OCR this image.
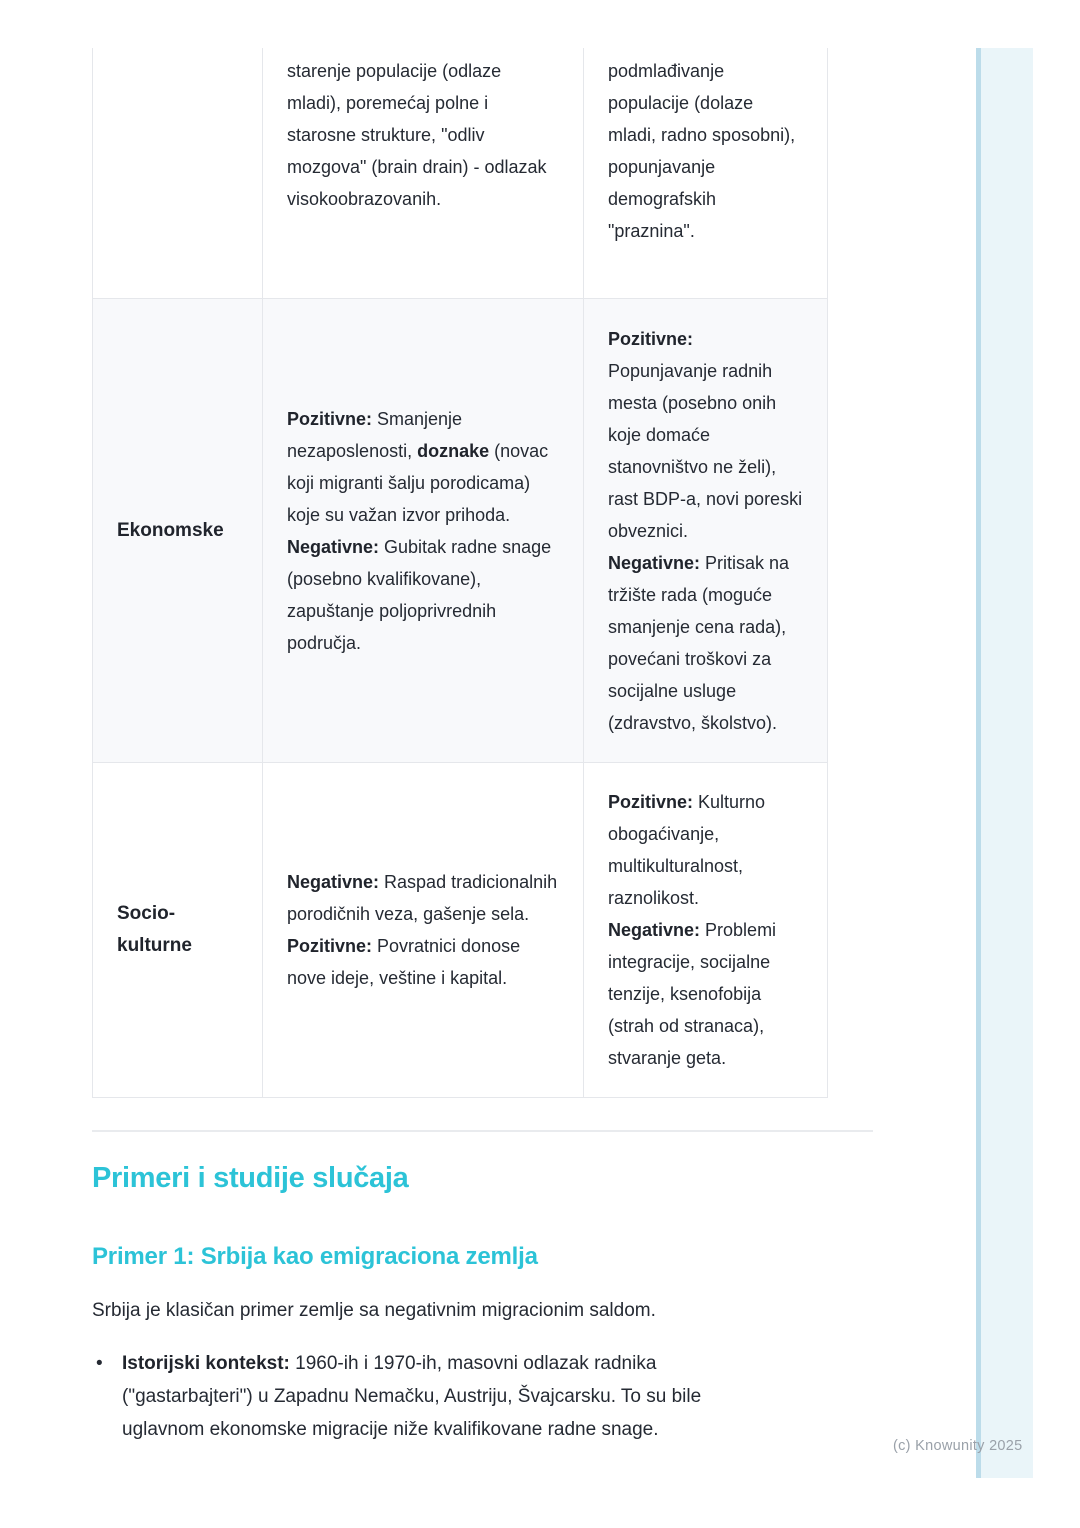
starenje populacije (odlaze mladi), poremećaj polne i starosne strukture, "odliv mozgova" (brain drain) - odlazak visokoobrazovanih.
podmlađivanje populacije (dolaze mladi, radno sposobni), popunjavanje demografskih "praznina".
Ekonomske
Pozitivne: Smanjenje nezaposlenosti, doznake (novac koji migranti šalju porodicama) koje su važan izvor prihoda.
Negativne: Gubitak radne snage (posebno kvalifikovane), zapuštanje poljoprivrednih područja.
Pozitivne: Popunjavanje radnih mesta (posebno onih koje domaće stanovništvo ne želi), rast BDP-a, novi poreski obveznici.
Negativne: Pritisak na tržište rada (moguće smanjenje cena rada), povećani troškovi za socijalne usluge (zdravstvo, školstvo).
Socio-kulturne
Negativne: Raspad tradicionalnih porodičnih veza, gašenje sela.
Pozitivne: Povratnici donose nove ideje, veštine i kapital.
Pozitivne: Kulturno obogaćivanje, multikulturalnost, raznolikost.
Negativne: Problemi integracije, socijalne tenzije, ksenofobija (strah od stranaca), stvaranje geta.
Primeri i studije slučaja
Primer 1: Srbija kao emigraciona zemlja
Srbija je klasičan primer zemlje sa negativnim migracionim saldom.
•	Istorijski kontekst: 1960-ih i 1970-ih, masovni odlazak radnika ("gastarbajteri") u Zapadnu Nemačku, Austriju, Švajcarsku. To su bile uglavnom ekonomske migracije niže kvalifikovane radne snage.
(c) Knowunity 2025
